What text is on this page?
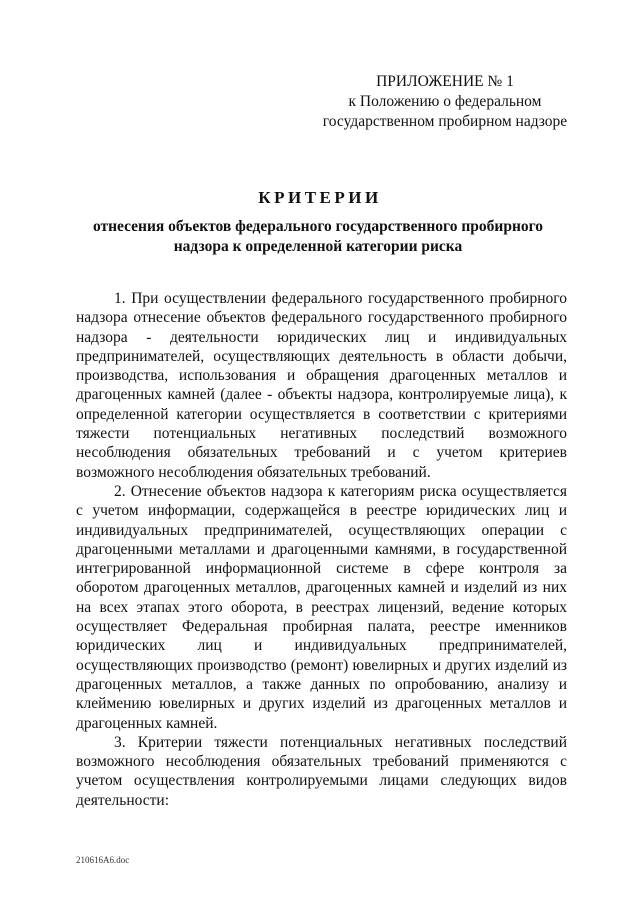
ПРИЛОЖЕНИЕ № 1
к Положению о федеральном
государственном пробирном надзоре
КРИТЕРИИ
отнесения объектов федерального государственного пробирного
надзора к определенной категории риска

1. При осуществлении федерального государственного пробирного надзора отнесение объектов федерального государственного пробирного надзора - деятельности юридических лиц и индивидуальных предпринимателей, осуществляющих деятельность в области добычи, производства, использования и обращения драгоценных металлов и драгоценных камней (далее - объекты надзора, контролируемые лица), к определенной категории осуществляется в соответствии с критериями тяжести потенциальных негативных последствий возможного несоблюдения обязательных требований и с учетом критериев возможного несоблюдения обязательных требований.

2. Отнесение объектов надзора к категориям риска осуществляется с учетом информации, содержащейся в реестре юридических лиц и индивидуальных предпринимателей, осуществляющих операции с драгоценными металлами и драгоценными камнями, в государственной интегрированной информационной системе в сфере контроля за оборотом драгоценных металлов, драгоценных камней и изделий из них на всех этапах этого оборота, в реестрах лицензий, ведение которых осуществляет Федеральная пробирная палата, реестре именников юридических лиц и индивидуальных предпринимателей, осуществляющих производство (ремонт) ювелирных и других изделий из драгоценных металлов, а также данных по опробованию, анализу и клеймению ювелирных и других изделий из драгоценных металлов и драгоценных камней.

3. Критерии тяжести потенциальных негативных последствий возможного несоблюдения обязательных требований применяются с учетом осуществления контролируемыми лицами следующих видов деятельности:

210616А6.doc
